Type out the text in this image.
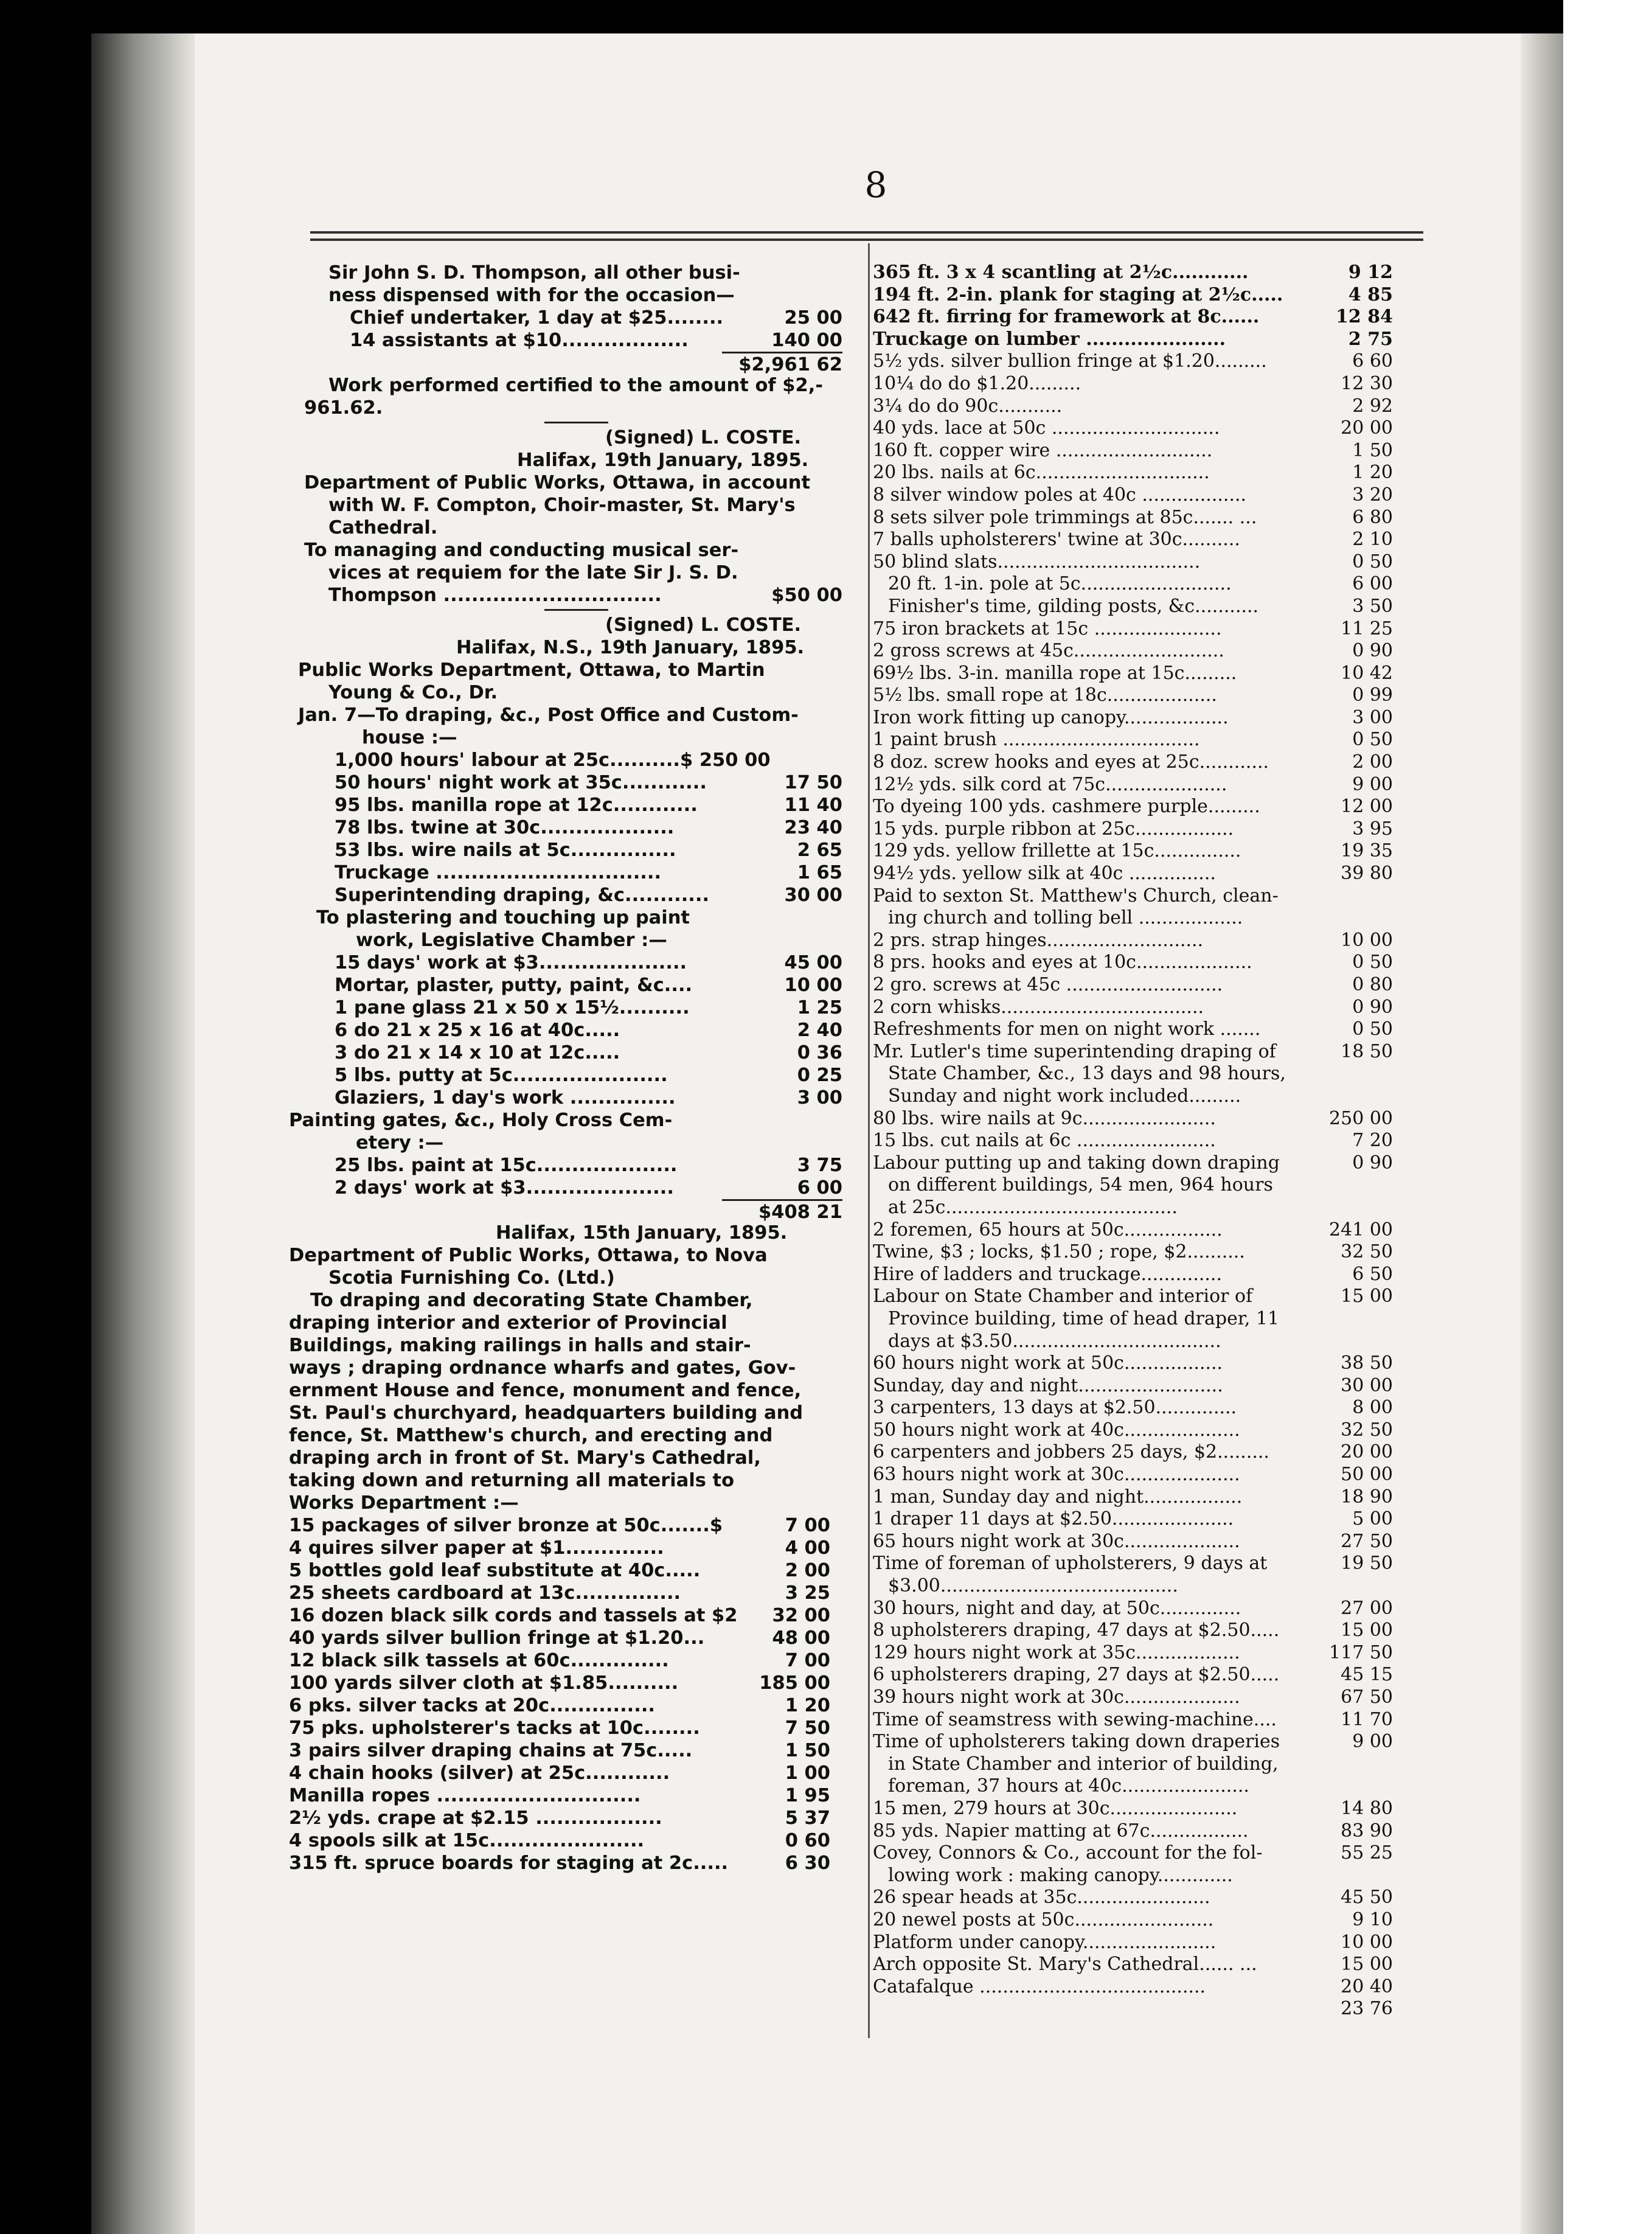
8
Sir John S. D. Thompson, all other busi-
ness dispensed with for the occasion—
Chief undertaker, 1 day at $25........	25 00
14 assistants at $10..................	140 00
$2,961 62
Work performed certified to the amount of $2,-
961.62.
(Signed) L. COSTE.
Halifax, 19th January, 1895.
Department of Public Works, Ottawa, in account
with W. F. Compton, Choir-master, St. Mary's
Cathedral.
To managing and conducting musical ser-
vices at requiem for the late Sir J. S. D.
Thompson ...............................	$50 00
(Signed) L. COSTE.
Halifax, N.S., 19th January, 1895.
Public Works Department, Ottawa, to Martin
Young & Co., Dr.
Jan. 7—To draping, &c., Post Office and Custom-
house :—
1,000 hours' labour at 25c..........$ 250 00
50 hours' night work at 35c............	17 50
95 lbs. manilla rope at 12c............	11 40
78 lbs. twine at 30c...................	23 40
53 lbs. wire nails at 5c...............	2 65
Truckage ................................	1 65
Superintending draping, &c............	30 00
To plastering and touching up paint
work, Legislative Chamber :—
15 days' work at $3.....................	45 00
Mortar, plaster, putty, paint, &c....	10 00
1 pane glass 21 x 50 x 15½..........	1 25
6 do 21 x 25 x 16 at 40c.....	2 40
3 do 21 x 14 x 10 at 12c.....	0 36
5 lbs. putty at 5c......................	0 25
Glaziers, 1 day's work ...............	3 00
Painting gates, &c., Holy Cross Cem-
etery :—
25 lbs. paint at 15c....................	3 75
2 days' work at $3.....................	6 00
$408 21
Halifax, 15th January, 1895.
Department of Public Works, Ottawa, to Nova
Scotia Furnishing Co. (Ltd.)
To draping and decorating State Chamber,
draping interior and exterior of Provincial
Buildings, making railings in halls and stair-
ways ; draping ordnance wharfs and gates, Gov-
ernment House and fence, monument and fence,
St. Paul's churchyard, headquarters building and
fence, St. Matthew's church, and erecting and
draping arch in front of St. Mary's Cathedral,
taking down and returning all materials to
Works Department :—
15 packages of silver bronze at 50c.......$	7 00
4 quires silver paper at $1..............	4 00
5 bottles gold leaf substitute at 40c.....	2 00
25 sheets cardboard at 13c...............	3 25
16 dozen black silk cords and tassels at $2 32 00
40 yards silver bullion fringe at $1.20...	48 00
12 black silk tassels at 60c..............	7 00
100 yards silver cloth at $1.85..........	185 00
6 pks. silver tacks at 20c...............	1 20
75 pks. upholsterer's tacks at 10c........	7 50
3 pairs silver draping chains at 75c.....	1 50
4 chain hooks (silver) at 25c............	1 00
Manilla ropes .............................	1 95
2½ yds. crape at $2.15 ..................	5 37
4 spools silk at 15c......................	0 60
315 ft. spruce boards for staging at 2c.....	6 30
365 ft. 3 x 4 scantling at 2½c............	9 12
194 ft. 2-in. plank for staging at 2½c.....	4 85
642 ft. firring for framework at 8c......	12 84
Truckage on lumber ......................	2 75
5½ yds. silver bullion fringe at $1.20.........	6 60
10¼ do do $1.20.........	12 30
3¼ do do 90c...........	2 92
40 yds. lace at 50c .............................	20 00
160 ft. copper wire ...........................	1 50
20 lbs. nails at 6c..............................	1 20
8 silver window poles at 40c ..................	3 20
8 sets silver pole trimmings at 85c....... ...	6 80
7 balls upholsterers' twine at 30c..........	2 10
50 blind slats...................................	0 50
20 ft. 1-in. pole at 5c..........................	6 00
Finisher's time, gilding posts, &c...........	3 50
75 iron brackets at 15c ......................	11 25
2 gross screws at 45c..........................	0 90
69½ lbs. 3-in. manilla rope at 15c.........	10 42
5½ lbs. small rope at 18c...................	0 99
Iron work fitting up canopy..................	3 00
1 paint brush ..................................	0 50
8 doz. screw hooks and eyes at 25c............	2 00
12½ yds. silk cord at 75c.....................	9 00
To dyeing 100 yds. cashmere purple.........	12 00
15 yds. purple ribbon at 25c.................	3 95
129 yds. yellow frillette at 15c...............	19 35
94½ yds. yellow silk at 40c ...............	39 80
Paid to sexton St. Matthew's Church, clean-
ing church and tolling bell ..................
2 prs. strap hinges...........................	10 00
8 prs. hooks and eyes at 10c....................	0 50
2 gro. screws at 45c ...........................	0 80
2 corn whisks...................................	0 90
Refreshments for men on night work .......	0 50
Mr. Lutler's time superintending draping of	18 50
State Chamber, &c., 13 days and 98 hours,
Sunday and night work included.........
80 lbs. wire nails at 9c.......................	250 00
15 lbs. cut nails at 6c ........................	7 20
Labour putting up and taking down draping	0 90
on different buildings, 54 men, 964 hours
at 25c........................................
2 foremen, 65 hours at 50c.................	241 00
Twine, $3 ; locks, $1.50 ; rope, $2..........	32 50
Hire of ladders and truckage..............	6 50
Labour on State Chamber and interior of	15 00
Province building, time of head draper, 11
days at $3.50....................................
60 hours night work at 50c.................	38 50
Sunday, day and night.........................	30 00
3 carpenters, 13 days at $2.50..............	8 00
50 hours night work at 40c....................	32 50
6 carpenters and jobbers 25 days, $2.........	20 00
63 hours night work at 30c....................	50 00
1 man, Sunday day and night.................	18 90
1 draper 11 days at $2.50.....................	5 00
65 hours night work at 30c....................	27 50
Time of foreman of upholsterers, 9 days at	19 50
$3.00.........................................
30 hours, night and day, at 50c..............	27 00
8 upholsterers draping, 47 days at $2.50.....	15 00
129 hours night work at 35c..................	117 50
6 upholsterers draping, 27 days at $2.50.....	45 15
39 hours night work at 30c....................	67 50
Time of seamstress with sewing-machine....	11 70
Time of upholsterers taking down draperies	9 00
in State Chamber and interior of building,
foreman, 37 hours at 40c......................
15 men, 279 hours at 30c......................	14 80
85 yds. Napier matting at 67c.................	83 90
Covey, Connors & Co., account for the fol-	55 25
lowing work : making canopy.............
26 spear heads at 35c.......................	45 50
20 newel posts at 50c........................	9 10
Platform under canopy.......................	10 00
Arch opposite St. Mary's Cathedral...... ...	15 00
Catafalque .......................................	20 40
23 76
